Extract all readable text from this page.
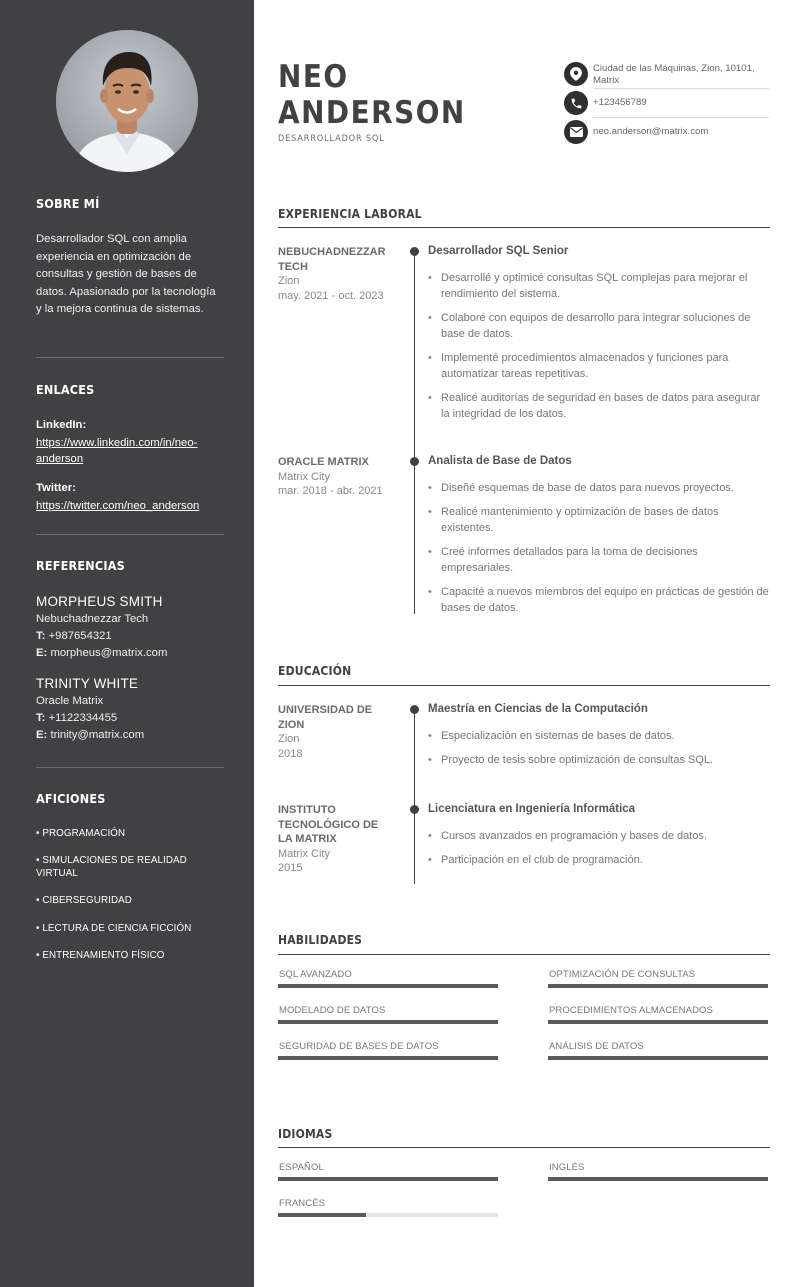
SOBRE MÍ
Desarrollador SQL con amplia experiencia en optimización de consultas y gestión de bases de datos. Apasionado por la tecnología y la mejora continua de sistemas.
ENLACES
LinkedIn:
https://www.linkedin.com/in/neo-anderson
Twitter:
https://twitter.com/neo_anderson
REFERENCIAS
MORPHEUS SMITH
Nebuchadnezzar Tech
T: +987654321
E: morpheus@matrix.com
TRINITY WHITE
Oracle Matrix
T: +1122334455
E: trinity@matrix.com
AFICIONES
• PROGRAMACIÓN
• SIMULACIONES DE REALIDAD VIRTUAL
• CIBERSEGURIDAD
• LECTURA DE CIENCIA FICCIÓN
• ENTRENAMIENTO FÍSICO
NEO
ANDERSON
DESARROLLADOR SQL
Ciudad de las Máquinas, Zion, 10101, Matrix
+123456789
neo.anderson@matrix.com
EXPERIENCIA LABORAL
NEBUCHADNEZZAR TECH
Zion
may. 2021 - oct. 2023
Desarrollador SQL Senior
• Desarrollé y optimicé consultas SQL complejas para mejorar el rendimiento del sistema.
• Colaboré con equipos de desarrollo para integrar soluciones de base de datos.
• Implementé procedimientos almacenados y funciones para automatizar tareas repetitivas.
• Realicé auditorías de seguridad en bases de datos para asegurar la integridad de los datos.
ORACLE MATRIX
Matrix City
mar. 2018 - abr. 2021
Analista de Base de Datos
• Diseñé esquemas de base de datos para nuevos proyectos.
• Realicé mantenimiento y optimización de bases de datos existentes.
• Creé informes detallados para la toma de decisiones empresariales.
• Capacité a nuevos miembros del equipo en prácticas de gestión de bases de datos.
EDUCACIÓN
UNIVERSIDAD DE ZION
Zion
2018
Maestría en Ciencias de la Computación
• Especialización en sistemas de bases de datos.
• Proyecto de tesis sobre optimización de consultas SQL.
INSTITUTO TECNOLÓGICO DE LA MATRIX
Matrix City
2015
Licenciatura en Ingeniería Informática
• Cursos avanzados en programación y bases de datos.
• Participación en el club de programación.
HABILIDADES
SQL AVANZADO	OPTIMIZACIÓN DE CONSULTAS
MODELADO DE DATOS	PROCEDIMIENTOS ALMACENADOS
SEGURIDAD DE BASES DE DATOS	ANÁLISIS DE DATOS
IDIOMAS
ESPAÑOL	INGLÉS
FRANCÉS
